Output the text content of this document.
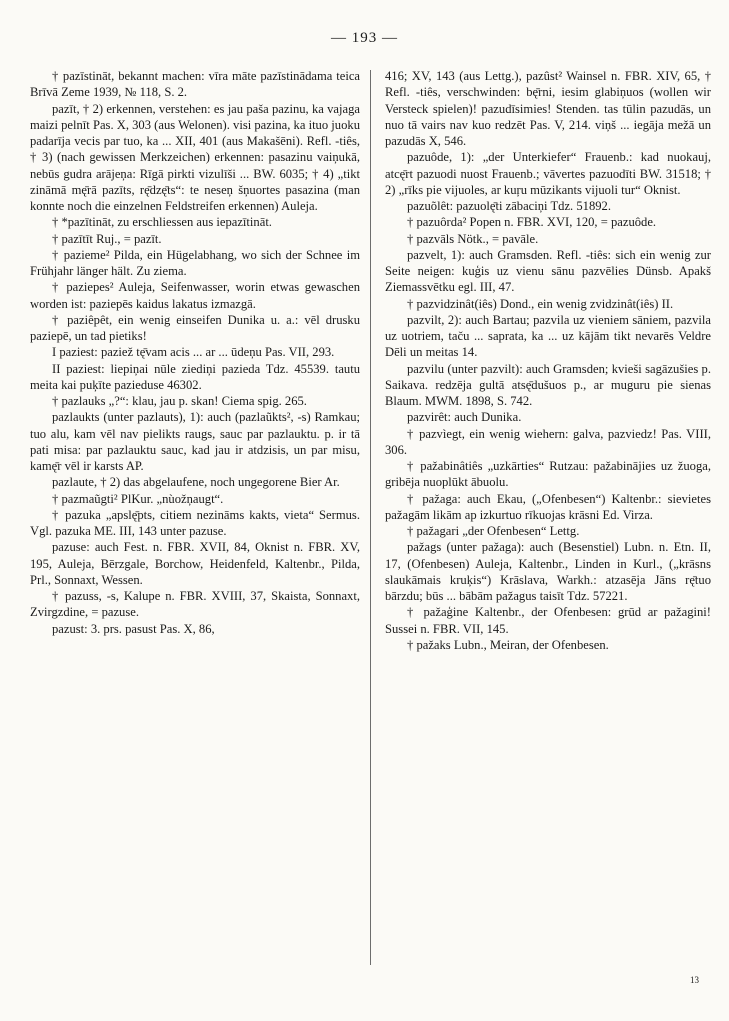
— 193 —

† pazīstināt, bekannt machen: vīra māte pazīstinādama teica Brīvā Zeme 1939, № 118, S. 2.

pazīt, † 2) erkennen, verstehen: es jau paša pazinu, ka vajaga maizi pelnīt Pas. X, 303 (aus Welonen). visi pazina, ka ituo juoku padarīja vecis par tuo, ka ... XII, 401 (aus Makašēni). Refl. -tiês, † 3) (nach gewissen Merkzeichen) erkennen: pasazinu vaiņukā, nebūs gudra arājeņa: Rīgā pirkti vizulīši ... BW. 6035; † 4) „tikt zināmā mę̄rā pazīts, rę̄dzę̄ts“: te neseņ šņuortes pasazina (man konnte noch die einzelnen Feldstreifen erkennen) Auleja.

† *pazītināt, zu erschliessen aus iepazītināt.

† pazītīt Ruj., = pazīt.

† pazieme² Pilda, ein Hügelabhang, wo sich der Schnee im Frühjahr länger hält. Zu ziema.

† paziepes² Auleja, Seifenwasser, worin etwas gewaschen worden ist: paziepēs kaidus lakatus izmazgā.

† paziêpêt, ein wenig einseifen Dunika u. a.: vēl drusku paziepē, un tad pietiks!

I paziest: paziež tę̄vam acis ... ar ... ūdeņu Pas. VII, 293.

II paziest: liepiņai nūle ziediņi pazieda Tdz. 45539. tautu meita kai puķīte pazieduse 46302.

† pazlauks „?“: klau, jau p. skan! Ciema spig. 265.

pazlaukts (unter pazlauts), 1): auch (pazlaũkts², -s) Ramkau; tuo alu, kam vēl nav pielikts raugs, sauc par pazlauktu. p. ir tā pati misa: par pazlauktu sauc, kad jau ir atdzisis, un par misu, kamę̄r vēl ir karsts AP.

pazlaute, † 2) das abgelaufene, noch ungegorene Bier Ar.

† pazmaũgti² PlKur. „nùožņaugt“.

† pazuka „apslę̄pts, citiem nezināms kakts, vieta“ Sermus. Vgl. pazuka ME. III, 143 unter pazuse.

pazuse: auch Fest. n. FBR. XVII, 84, Oknist n. FBR. XV, 195, Auleja, Bērzgale, Borchow, Heidenfeld, Kaltenbr., Pilda, Prl., Sonnaxt, Wessen.

† pazuss, -s, Kalupe n. FBR. XVIII, 37, Skaista, Sonnaxt, Zvirgzdine, = pazuse.

pazust: 3. prs. pasust Pas. X, 86,

416; XV, 143 (aus Lettg.), pazûst² Wainsel n. FBR. XIV, 65, † Refl. -tiês, verschwinden: bę̄rni, iesim glabiņuos (wollen wir Versteck spielen)! pazudīsimies! Stenden. tas tūlin pazudās, un nuo tā vairs nav kuo redzēt Pas. V, 214. viņš ... iegāja mežā un pazudās X, 546.

pazuôde, 1): „der Unterkiefer“ Frauenb.: kad nuokauj, atcę̄rt pazuodi nuost Frauenb.; vāvertes pazuodīti BW. 31518; † 2) „rīks pie vijuoles, ar kuŗu mūzikants vijuoli tur“ Oknist.

pazuõlêt: pazuolę̄ti zābaciņi Tdz. 51892.

† pazuôrda² Popen n. FBR. XVI, 120, = pazuôde.

† pazvāls Nötk., = pavāle.

pazvelt, 1): auch Gramsden. Refl. -tiês: sich ein wenig zur Seite neigen: kuģis uz vienu sānu pazvēlies Dünsb. Apakš Ziemassvētku egl. III, 47.

† pazvidzinât(iês) Dond., ein wenig zvidzinât(iês) II.

pazvilt, 2): auch Bartau; pazvila uz vieniem sāniem, pazvila uz uotriem, taču ... saprata, ka ... uz kājām tikt nevarēs Veldre Dēli un meitas 14.

pazvilu (unter pazvilt): auch Gramsden; kvieši sagāzušies p. Saikava. redzēja gultā atsę̄dušuos p., ar muguru pie sienas Blaum. MWM. 1898, S. 742.

pazvirêt: auch Dunika.

† pazvìegt, ein wenig wiehern: galva, pazviedz! Pas. VIII, 306.

† pažabinâtiês „uzkārties“ Rutzau: pažabinājies uz žuoga, gribēja nuoplūkt ābuolu.

† pažaga: auch Ekau, („Ofenbesen“) Kaltenbr.: sievietes pažagām likām ap izkurtuo rīkuojas krāsni Ed. Virza.

† pažagari „der Ofenbesen“ Lettg.

pažags (unter pažaga): auch (Besenstiel) Lubn. n. Etn. II, 17, (Ofenbesen) Auleja, Kaltenbr., Linden in Kurl., („krāsns slaukāmais kruķis“) Krāslava, Warkh.: atzasēja Jāns rę̄tuo bārzdu; būs ... bābām pažagus taisīt Tdz. 57221.

† pažaģine Kaltenbr., der Ofenbesen: grūd ar pažagini! Sussei n. FBR. VII, 145.

† pažaks Lubn., Meiran, der Ofenbesen.

13
